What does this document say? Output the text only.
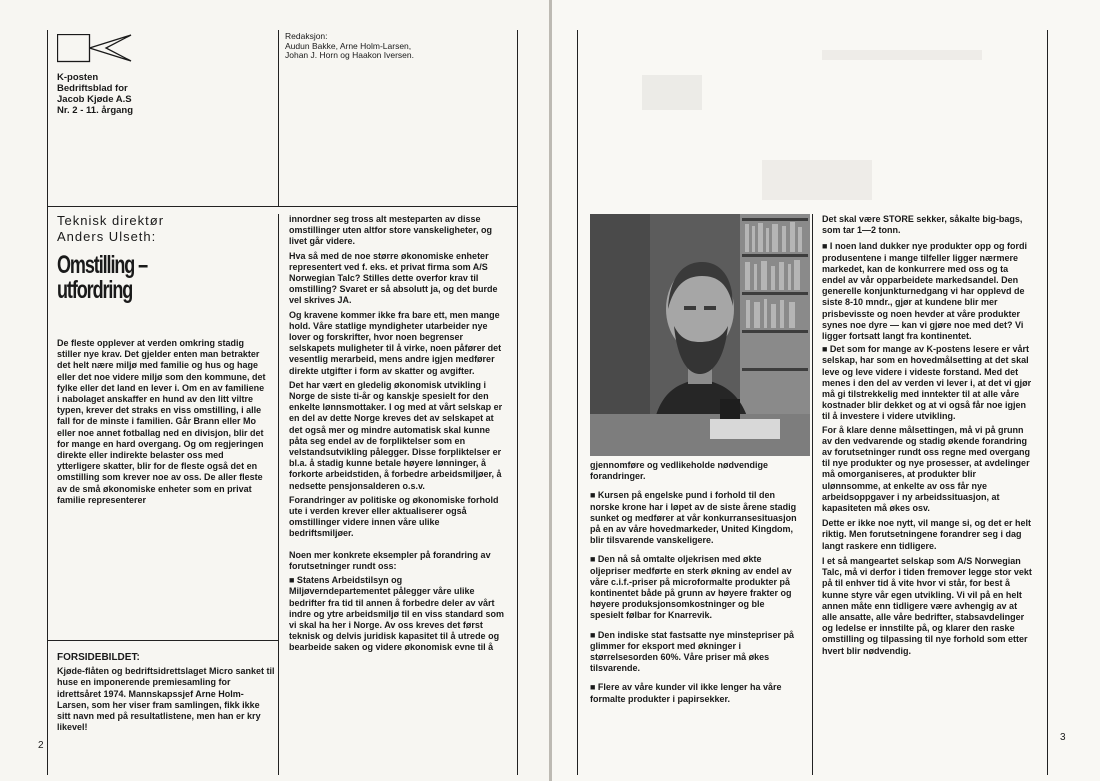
K-posten
Bedriftsblad for
Jacob Kjøde A.S
Nr. 2 - 11. årgang
Redaksjon:
Audun Bakke, Arne Holm-Larsen,
Johan J. Horn og Haakon Iversen.
Teknisk direktør
Anders Ulseth:
Omstilling –
utfordring

De fleste opplever at verden omkring stadig stiller nye krav. Det gjelder enten man betrakter det helt nære miljø med familie og hus og hage eller det noe videre miljø som den kommune, det fylke eller det land en lever i. Om en av familiene i nabolaget anskaffer en hund av den litt viltre typen, krever det straks en viss omstilling, i alle fall for de minste i familien. Går Brann eller Mo eller noe annet fotballag ned en divisjon, blir det for mange en hard overgang. Og om regjeringen direkte eller indirekte belaster oss med ytterligere skatter, blir for de fleste også det en omstilling som krever noe av oss. De aller fleste av de små økonomiske enheter som en privat familie representerer

innordner seg tross alt mesteparten av disse omstillinger uten altfor store vanskeligheter, og livet går videre.

Hva så med de noe større økonomiske enheter representert ved f. eks. et privat firma som A/S Norwegian Talc? Stilles dette overfor krav til omstilling? Svaret er så absolutt ja, og det burde vel skrives JA.

Og kravene kommer ikke fra bare ett, men mange hold. Våre statlige myndigheter utarbeider nye lover og forskrifter, hvor noen begrenser selskapets muligheter til å virke, noen påfører det vesentlig merarbeid, mens andre igjen medfører direkte utgifter i form av skatter og avgifter.

Det har vært en gledelig økonomisk utvikling i Norge de siste ti-år og kanskje spesielt for den enkelte lønnsmottaker. I og med at vårt selskap er en del av dette Norge kreves det av selskapet at det også mer og mindre automatisk skal kunne påta seg endel av de forpliktelser som en velstandsutvikling pålegger. Disse forpliktelser er bl.a. å stadig kunne betale høyere lønninger, å forkorte arbeidstiden, å forbedre arbeidsmiljøer, å nedsette pensjonsalderen o.s.v.

Forandringer av politiske og økonomiske forhold ute i verden krever eller aktualiserer også omstillinger videre innen våre ulike bedriftsmiljøer.

Noen mer konkrete eksempler på forandring av forutsetninger rundt oss:

■ Statens Arbeidstilsyn og Miljøverndepartementet pålegger våre ulike bedrifter fra tid til annen å forbedre deler av vårt indre og ytre arbeidsmiljø til en viss standard som vi skal ha her i Norge. Av oss kreves det først teknisk og delvis juridisk kapasitet til å utrede og bearbeide saken og videre økonomisk evne til å

FORSIDEBILDET:
Kjøde-flåten og bedriftsidrettslaget Micro sanket til huse en imponerende premiesamling for idrettsåret 1974. Mannskapssjef Arne Holm-Larsen, som her viser fram samlingen, fikk ikke sitt navn med på resultatlistene, men han er kry likevel!
2

gjennomføre og vedlikeholde nødvendige forandringer.

■ Kursen på engelske pund i forhold til den norske krone har i løpet av de siste årene stadig sunket og medfører at vår konkurransesituasjon på en av våre hovedmarkeder, United Kingdom, blir tilsvarende vanskeligere.

■ Den nå så omtalte oljekrisen med økte oljepriser medførte en sterk økning av endel av våre c.i.f.-priser på microformalte produkter på kontinentet både på grunn av høyere frakter og høyere produksjonsomkostninger og ble spesielt følbar for Knarrevik.

■ Den indiske stat fastsatte nye minstepriser på glimmer for eksport med økninger i størrelsesorden 60%. Våre priser må økes tilsvarende.

■ Flere av våre kunder vil ikke lenger ha våre formalte produkter i papirsekker.

Det skal være STORE sekker, såkalte big-bags, som tar 1—2 tonn.

■ I noen land dukker nye produkter opp og fordi produsentene i mange tilfeller ligger nærmere markedet, kan de konkurrere med oss og ta endel av vår opparbeidete markedsandel. Den generelle konjunkturnedgang vi har opplevd de siste 8-10 mndr., gjør at kundene blir mer prisbevisste og noen hevder at våre produkter synes noe dyre — kan vi gjøre noe med det? Vi ligger fortsatt langt fra kontinentet.

■ Det som for mange av K-postens lesere er vårt selskap, har som en hovedmålsetting at det skal leve og leve videre i videste forstand. Med det menes i den del av verden vi lever i, at det vi gjør må gi tilstrekkelig med inntekter til at alle våre kostnader blir dekket og at vi også får noe igjen til å investere i videre utvikling.

For å klare denne målsettingen, må vi på grunn av den vedvarende og stadig økende forandring av forutsetninger rundt oss regne med overgang til nye produkter og nye prosesser, at avdelinger må omorganiseres, at produkter blir ulønnsomme, at enkelte av oss får nye arbeidsoppgaver i ny arbeidssituasjon, at kapasiteten må økes osv.

Dette er ikke noe nytt, vil mange si, og det er helt riktig. Men forutsetningene forandrer seg i dag langt raskere enn tidligere.

I et så mangeartet selskap som A/S Norwegian Talc, må vi derfor i tiden fremover legge stor vekt på til enhver tid å vite hvor vi står, for best å kunne styre vår egen utvikling. Vi vil på en helt annen måte enn tidligere være avhengig av at alle ansatte, alle våre bedrifter, stabsavdelinger og ledelse er innstilte på, og klarer den raske omstilling og tilpassing til nye forhold som etter hvert blir nødvendig.

3
